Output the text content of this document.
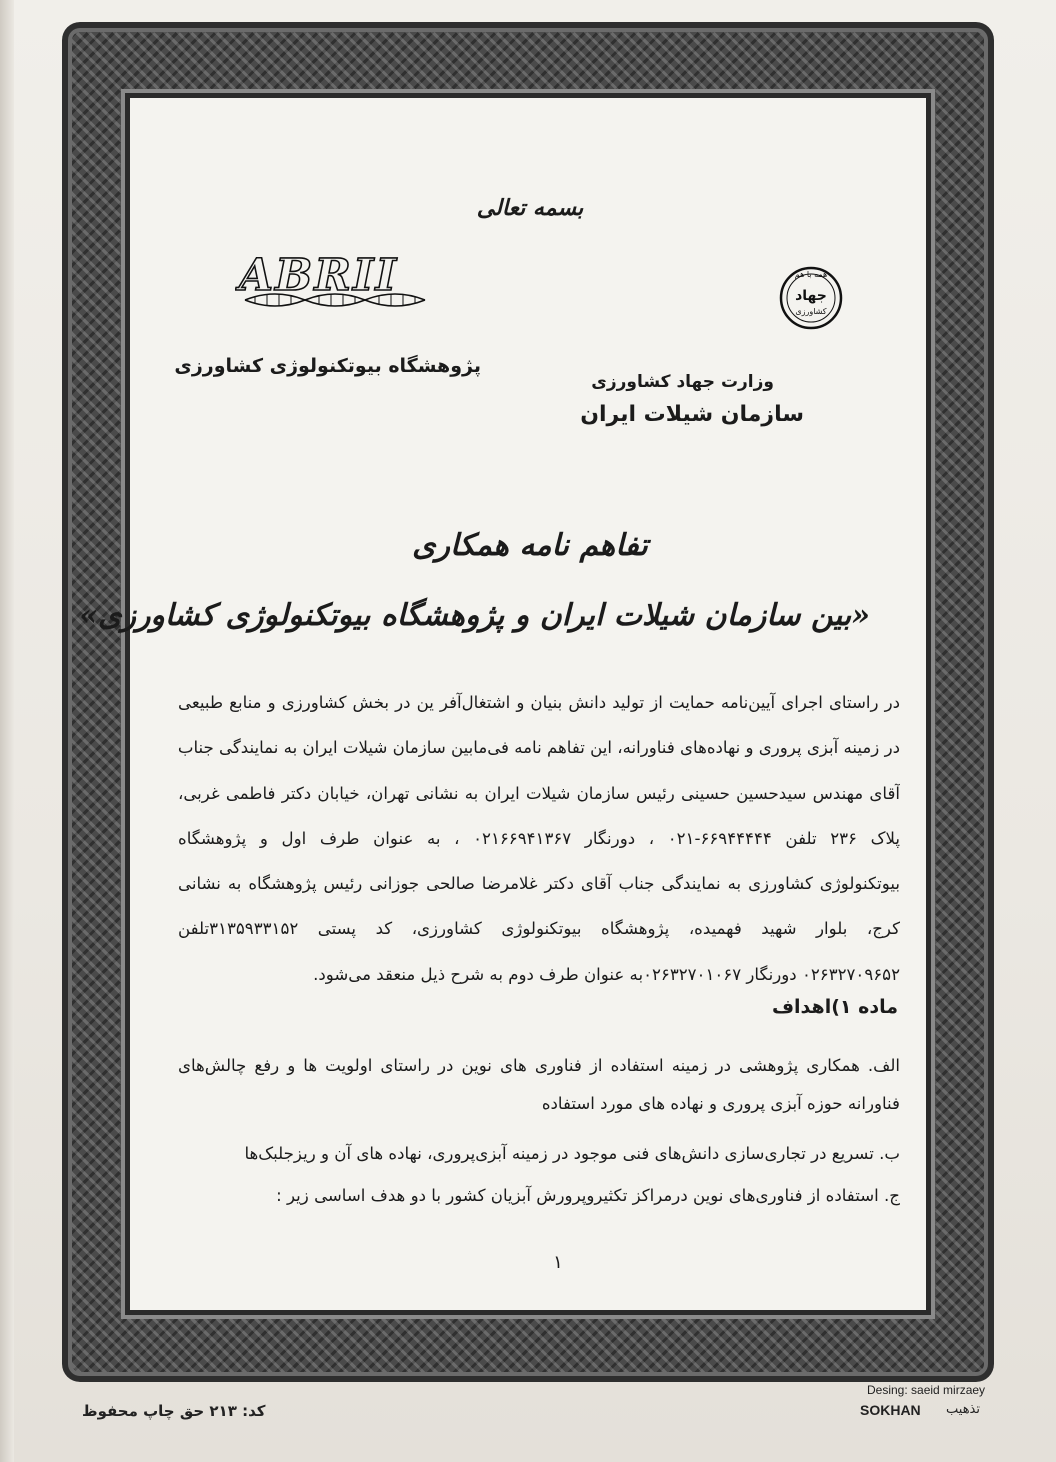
بسمه تعالی
ABRII
پژوهشگاه بیوتکنولوژی کشاورزی
همه با هم
جهاد
کشاورزی
وزارت جهاد کشاورزی
سازمان شیلات ایران
تفاهم نامه همکاری
«بین سازمان شیلات ایران و پژوهشگاه بیوتکنولوژی کشاورزی»
در راستای اجرای آیین‌نامه حمایت از تولید دانش بنیان و اشتغال‌آفر ین در بخش کشاورزی و منابع طبیعی
در زمینه آبزی پروری و نهاده‌های فناورانه، این تفاهم نامه فی‌مابین سازمان شیلات ایران به نمایندگی جناب
آقای مهندس سیدحسین حسینی رئیس سازمان شیلات ایران به نشانی تهران، خیابان دکتر فاطمی غربی،
پلاک ۲۳۶ تلفن ۶۶۹۴۴۴۴۴-۰۲۱ ، دورنگار ۰۲۱۶۶۹۴۱۳۶۷ ، به عنوان طرف اول و پژوهشگاه
بیوتکنولوژی کشاورزی به نمایندگی جناب آقای دکتر غلامرضا صالحی جوزانی رئیس پژوهشگاه به نشانی
کرج، بلوار شهید فهمیده، پژوهشگاه بیوتکنولوژی کشاورزی، کد پستی ۳۱۳۵۹۳۳۱۵۲تلفن
۰۲۶۳۲۷۰۹۶۵۲ دورنگار ۰۲۶۳۲۷۰۱۰۶۷به عنوان طرف دوم به شرح ذیل منعقد می‌شود.
ماده ۱)اهداف
الف. همکاری پژوهشی در زمینه استفاده از فناوری های نوین در راستای اولویت ها و رفع چالش‌های
فناورانه حوزه آبزی پروری و نهاده های مورد استفاده
ب. تسریع در تجاری‌سازی دانش‌های فنی موجود در زمینه آبزی‌پروری، نهاده های آن و ریزجلبک‌ها
ج. استفاده از فناوری‌های نوین درمراکز تکثیروپرورش آبزیان کشور با دو هدف اساسی زیر :
۱
کد: ۲۱۳ حق چاپ محفوظ
Desing: saeid mirzaey
SOKHAN تذهیب
